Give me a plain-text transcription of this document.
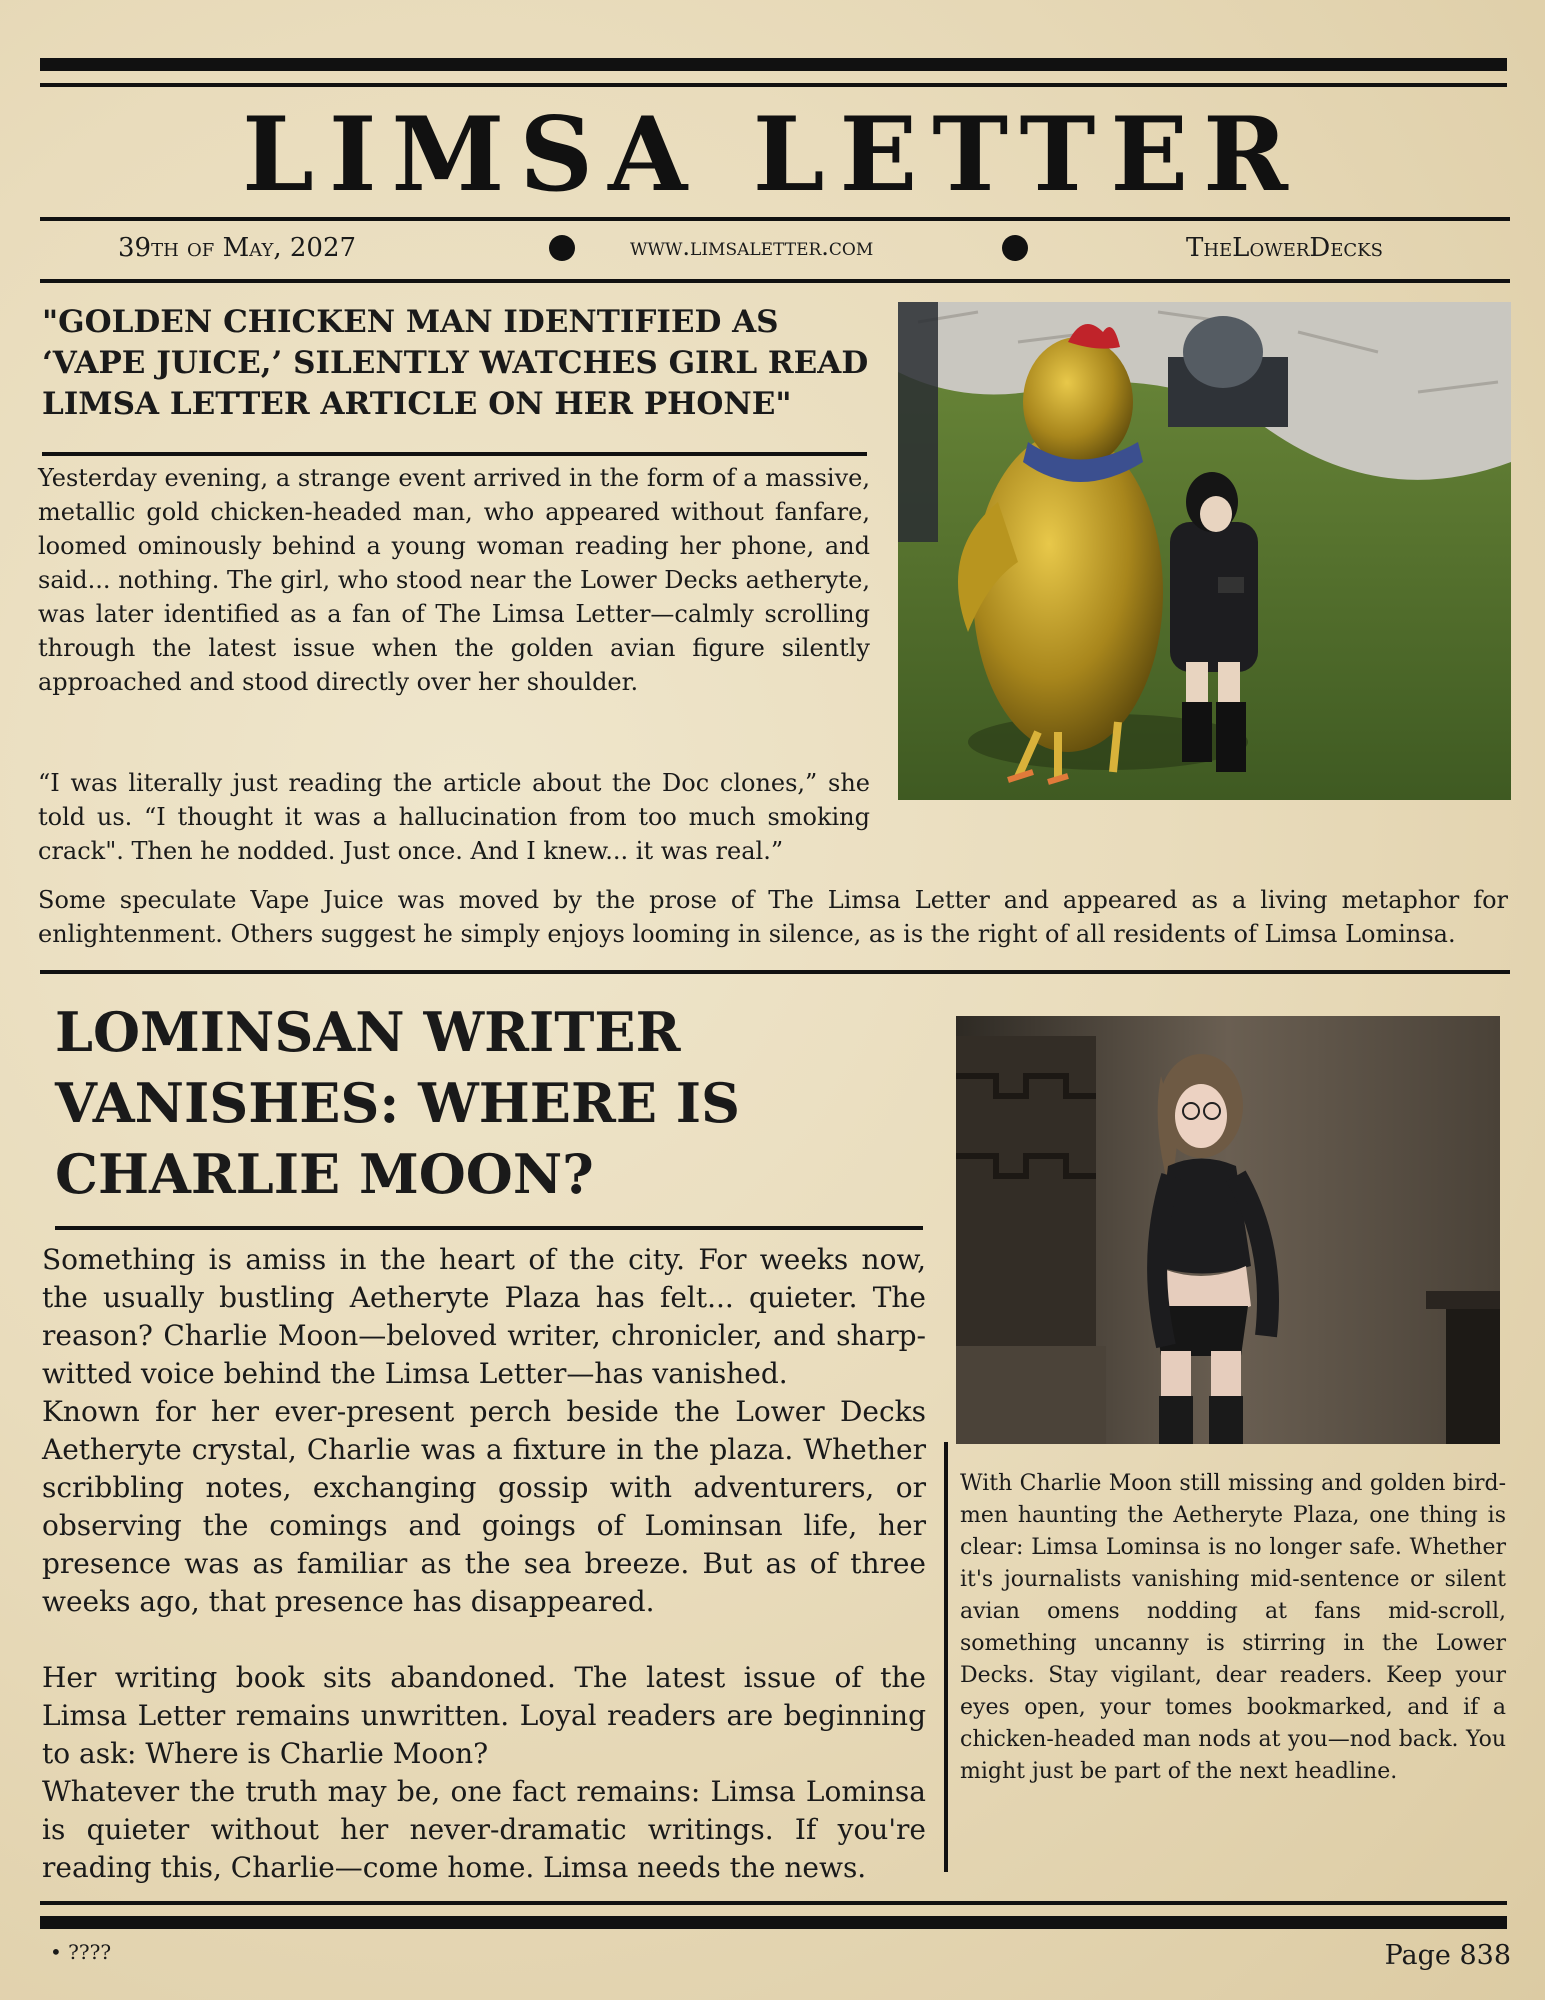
LIMSA LETTER
39th of May, 2027	www.limsaletter.com	TheLowerDecks
"GOLDEN CHICKEN MAN IDENTIFIED AS ‘VAPE JUICE,’ SILENTLY WATCHES GIRL READ LIMSA LETTER ARTICLE ON HER PHONE"

Yesterday evening, a strange event arrived in the form of a massive, metallic gold chicken-headed man, who appeared without fanfare, loomed ominously behind a young woman reading her phone, and said... nothing. The girl, who stood near the Lower Decks aetheryte, was later identified as a fan of The Limsa Letter—calmly scrolling through the latest issue when the golden avian figure silently approached and stood directly over her shoulder.

“I was literally just reading the article about the Doc clones,” she told us. “I thought it was a hallucination from too much smoking crack". Then he nodded. Just once. And I knew... it was real.”

Some speculate Vape Juice was moved by the prose of The Limsa Letter and appeared as a living metaphor for enlightenment. Others suggest he simply enjoys looming in silence, as is the right of all residents of Limsa Lominsa.

LOMINSAN WRITER VANISHES: WHERE IS CHARLIE MOON?

Something is amiss in the heart of the city. For weeks now, the usually bustling Aetheryte Plaza has felt... quieter. The reason? Charlie Moon—beloved writer, chronicler, and sharp-witted voice behind the Limsa Letter—has vanished.

Known for her ever-present perch beside the Lower Decks Aetheryte crystal, Charlie was a fixture in the plaza. Whether scribbling notes, exchanging gossip with adventurers, or observing the comings and goings of Lominsan life, her presence was as familiar as the sea breeze. But as of three weeks ago, that presence has disappeared.

Her writing book sits abandoned. The latest issue of the Limsa Letter remains unwritten. Loyal readers are beginning to ask: Where is Charlie Moon?

Whatever the truth may be, one fact remains: Limsa Lominsa is quieter without her never-dramatic writings. If you're reading this, Charlie—come home. Limsa needs the news.

With Charlie Moon still missing and golden bird-men haunting the Aetheryte Plaza, one thing is clear: Limsa Lominsa is no longer safe. Whether it's journalists vanishing mid-sentence or silent avian omens nodding at fans mid-scroll, something uncanny is stirring in the Lower Decks. Stay vigilant, dear readers. Keep your eyes open, your tomes bookmarked, and if a chicken-headed man nods at you—nod back. You might just be part of the next headline.

• ????	Page 838
